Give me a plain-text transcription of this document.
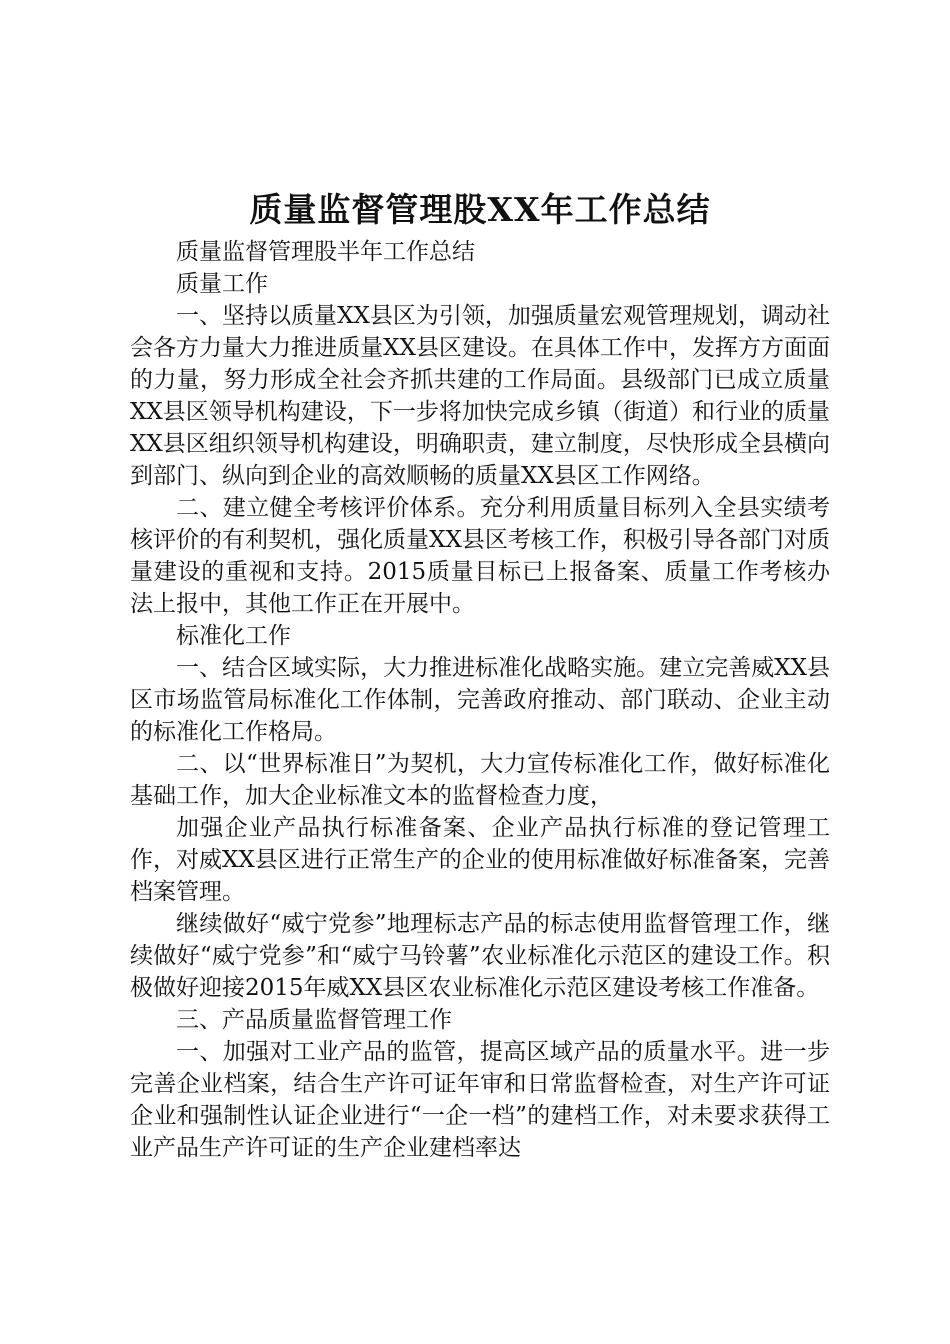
质量监督管理股XX年工作总结

质量监督管理股半年工作总结

质量工作

一、坚持以质量XX县区为引领，加强质量宏观管理规划，调动社会各方力量大力推进质量XX县区建设。在具体工作中，发挥方方面面的力量，努力形成全社会齐抓共建的工作局面。县级部门已成立质量XX县区领导机构建设，下一步将加快完成乡镇（街道）和行业的质量XX县区组织领导机构建设，明确职责，建立制度，尽快形成全县横向到部门、纵向到企业的高效顺畅的质量XX县区工作网络。

二、建立健全考核评价体系。充分利用质量目标列入全县实绩考核评价的有利契机，强化质量XX县区考核工作，积极引导各部门对质量建设的重视和支持。2015质量目标已上报备案、质量工作考核办法上报中，其他工作正在开展中。

标准化工作

一、结合区域实际，大力推进标准化战略实施。建立完善威XX县区市场监管局标准化工作体制，完善政府推动、部门联动、企业主动的标准化工作格局。

二、以“世界标准日”为契机，大力宣传标准化工作，做好标准化基础工作，加大企业标准文本的监督检查力度，

加强企业产品执行标准备案、企业产品执行标准的登记管理工作，对威XX县区进行正常生产的企业的使用标准做好标准备案，完善档案管理。

继续做好“威宁党参”地理标志产品的标志使用监督管理工作，继续做好“威宁党参”和“威宁马铃薯”农业标准化示范区的建设工作。积极做好迎接2015年威XX县区农业标准化示范区建设考核工作准备。

三、产品质量监督管理工作

一、加强对工业产品的监管，提高区域产品的质量水平。进一步完善企业档案，结合生产许可证年审和日常监督检查，对生产许可证企业和强制性认证企业进行“一企一档”的建档工作，对未要求获得工业产品生产许可证的生产企业建档率达
